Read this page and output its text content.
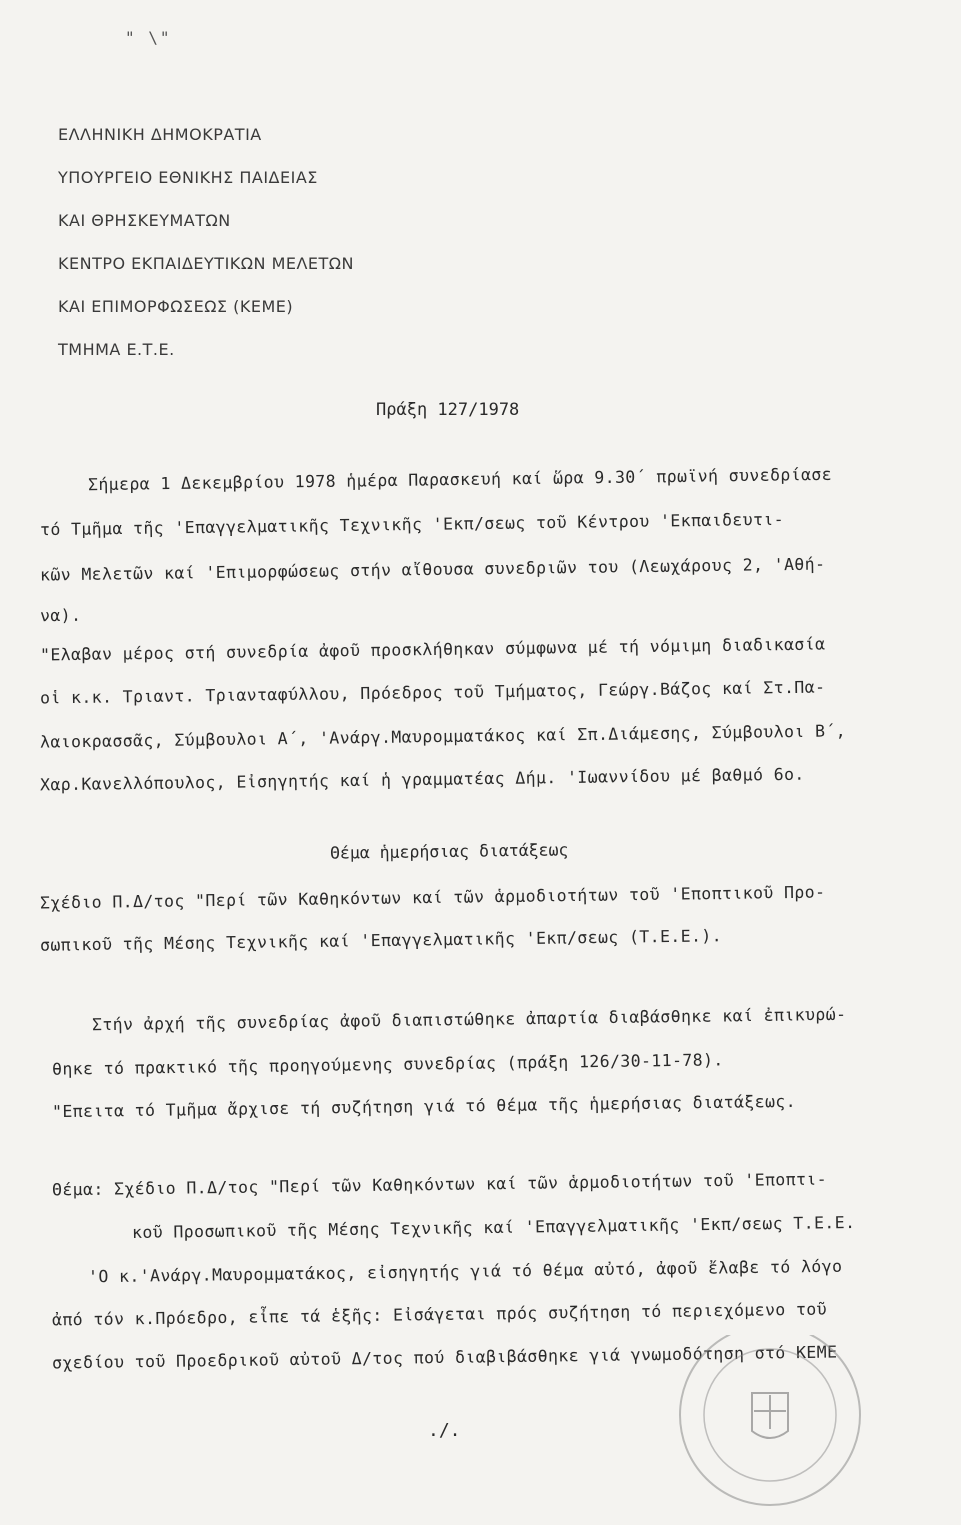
" \"
ΕΛΛΗΝΙΚΗ ΔΗΜΟΚΡΑΤΙΑ
ΥΠΟΥΡΓΕΙΟ ΕΘΝΙΚΗΣ ΠΑΙΔΕΙΑΣ
ΚΑΙ ΘΡΗΣΚΕΥΜΑΤΩΝ
ΚΕΝΤΡΟ ΕΚΠΑΙΔΕΥΤΙΚΩΝ ΜΕΛΕΤΩΝ
ΚΑΙ ΕΠΙΜΟΡΦΩΣΕΩΣ (ΚΕΜΕ)
ΤΜΗΜΑ Ε.Τ.Ε.
Πράξη 127/1978
Σήμερα 1 Δεκεμβρίου 1978 ἡμέρα Παρασκευή καί ὥρα 9.30΄ πρωϊνή συνεδρίασε
τό Τμῆμα τῆς 'Επαγγελματικῆς Τεχνικῆς 'Εκπ/σεως τοῦ Κέντρου 'Εκπαιδευτι-
κῶν Μελετῶν καί 'Επιμορφώσεως στήν αἴθουσα συνεδριῶν του (Λεωχάρους 2, 'Αθή-
να).
"Ελαβαν μέρος στή συνεδρία ἀφοῦ προσκλήθηκαν σύμφωνα μέ τή νόμιμη διαδικασία
οἱ κ.κ. Τριαντ. Τριανταφύλλου, Πρόεδρος τοῦ Τμήματος, Γεώργ.Βάζος καί Στ.Πα-
λαιοκρασσᾶς, Σύμβουλοι Α΄, 'Ανάργ.Μαυρομματάκος καί Σπ.Διάμεσης, Σύμβουλοι Β΄,
Χαρ.Κανελλόπουλος, Εἰσηγητής καί ἡ γραμματέας Δήμ. 'Ιωαννίδου μέ βαθμό 6ο.
Θέμα ἡμερήσιας διατάξεως
Σχέδιο Π.Δ/τος "Περί τῶν Καθηκόντων καί τῶν ἁρμοδιοτήτων τοῦ 'Εποπτικοῦ Προ-
σωπικοῦ τῆς Μέσης Τεχνικῆς καί 'Επαγγελματικῆς 'Εκπ/σεως (Τ.Ε.Ε.).
Στήν ἀρχή τῆς συνεδρίας ἀφοῦ διαπιστώθηκε ἀπαρτία διαβάσθηκε καί ἐπικυρώ-
θηκε τό πρακτικό τῆς προηγούμενης συνεδρίας (πράξη 126/30-11-78).
"Επειτα τό Τμῆμα ἄρχισε τή συζήτηση γιά τό θέμα τῆς ἡμερήσιας διατάξεως.
Θέμα: Σχέδιο Π.Δ/τος "Περί τῶν Καθηκόντων καί τῶν ἁρμοδιοτήτων τοῦ 'Εποπτι-
κοῦ Προσωπικοῦ τῆς Μέσης Τεχνικῆς καί 'Επαγγελματικῆς 'Εκπ/σεως Τ.Ε.Ε.
'Ο κ.'Ανάργ.Μαυρομματάκος, εἰσηγητής γιά τό θέμα αὐτό, ἀφοῦ ἔλαβε τό λόγο
ἀπό τόν κ.Πρόεδρο, εἶπε τά ἑξῆς: Εἰσάγεται πρός συζήτηση τό περιεχόμενο τοῦ
σχεδίου τοῦ Προεδρικοῦ αὐτοῦ Δ/τος πού διαβιβάσθηκε γιά γνωμοδότηση στό ΚΕΜΕ
./.
